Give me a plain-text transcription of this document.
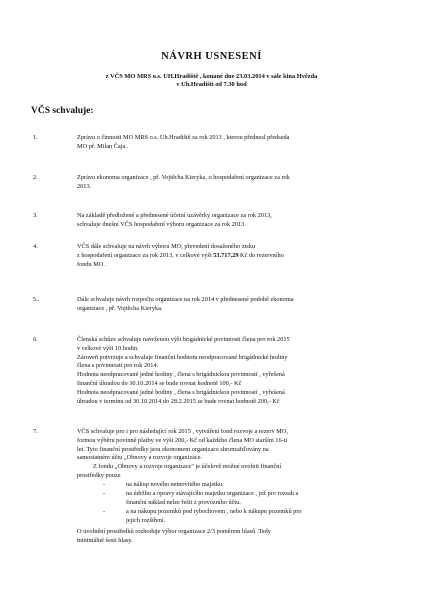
NÁVRH USNESENÍ
z VČS MO MRS o.s. UH.Hradiště , konané dne 23.03.2014 v sále kina Hvězda
v Uh.Hradišti od 7.30 hod
VČS schvaluje:
1.	Zprávu o činnosti MO MRS o.s. Uh.Hradiště za rok 2013 , kterou přednesl předseda

MO př. Milan Čaja .

2.	Zprávu ekonoma organizace , př. Vojtěcha Kieryka, o hospodaření organizace za rok

2013.

3.	Na základě předložené a přednesené účetní uzávěrky organizace za rok 2013,

schvaluje dnešní VČS hospodaření výboru organizace za rok 2013.

4.	VČS dále schvaluje na návrh výboru MO, převedení dosaženého zisku

z hospodaření organizace za rok 2013, v celkové výši 53.717,29 Kč do rezervního

fondu MO .

5..	Dále schvaluje návrh rozpočtu organizace na rok 2014 v přednesené podobě ekonoma

organizace , př. Vojtěcha Kieryka.

6.	Členská schůze schvaluje navrženou výši brigádnické povinnosti člena pro rok 2015

v celkové výši 10 hodin.

Zároveň potvrzuje a schvaluje finanční hodnotu neodpracované brigádnické hodiny

člena s povinností pro rok 2014.

Hodnota neodpracované jedné hodiny , člena s brigádnickou povinností , vyřešená

finanční úhradou do 30.10.2014 se bude rovnat hodnotě 100,- Kč

Hodnota neodpracované jedné hodiny , člena s brigádnickou povinností , vyřešená

úhradou v termínu od 30.10.2014 do 28.2.2015 se bude rovnat hodnotě 200,- Kč

7.	VČS schvaluje pro i pro následující rok 2015 , vytváření fond rozvoje a rezerv MO,

formou výběru povinné platby ve výši 200,- Kč od každého člena MO starším 16-ti

let. Tyto finanční prostředky jsou ekonomem organizace shromažďovány na

samostatném účtu „Obnovy a rozvoje organizace.

Z fondu „Obnovy a rozvoje organizace" je účelově možné uvolnit finanční
prostředky pouze
-	na nákup nového nemovitého majetku.
-	na údržbu a opravy stávajícího majetku organizace , jež pro rozsah a
finanční náklad nelze řešit z provozního účtu.
-	a na nákupu pozemků pod rybochovem , nebo k nákupu pozemků pro
jejich rozšíření.

O uvolnění prostředků rozhoduje výbor organizace 2/3 poměrem hlasů .Tedy

minimálně šesti hlasy.
